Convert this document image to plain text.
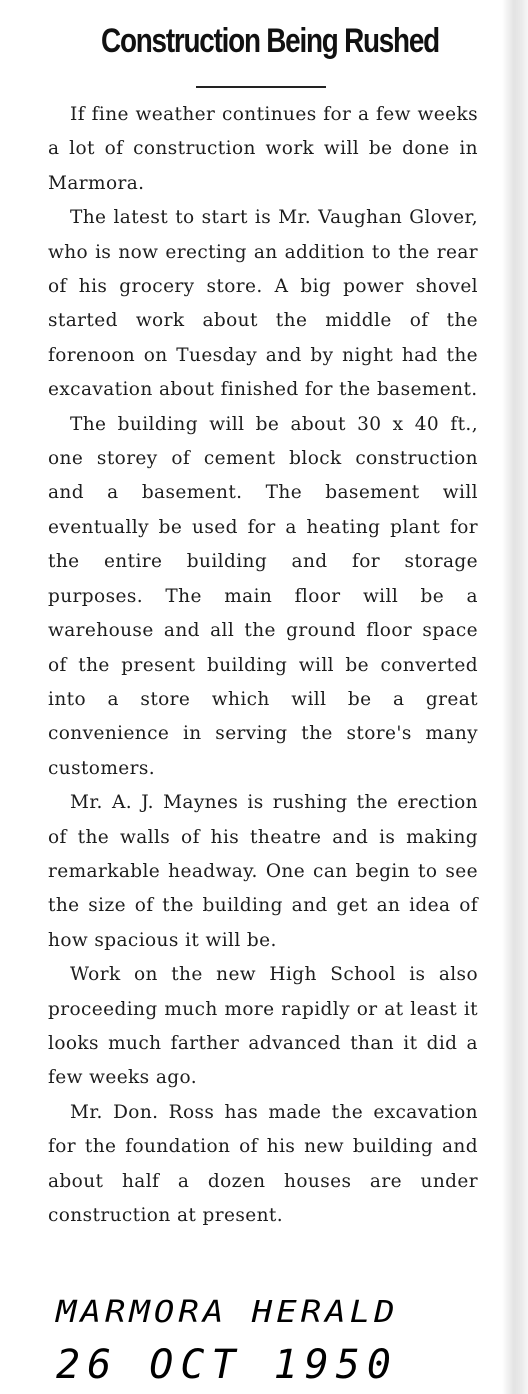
Construction Being Rushed

If fine weather continues for a few weeks a lot of construction work will be done in Marmora.

The latest to start is Mr. Vaughan Glover, who is now erecting an addition to the rear of his grocery store. A big power shovel started work about the middle of the forenoon on Tuesday and by night had the excavation about finished for the basement.

The building will be about 30 x 40 ft., one storey of cement block construction and a basement. The basement will eventually be used for a heating plant for the entire building and for storage purposes. The main floor will be a warehouse and all the ground floor space of the present building will be converted into a store which will be a great convenience in serving the store's many customers.

Mr. A. J. Maynes is rushing the erection of the walls of his theatre and is making remarkable headway. One can begin to see the size of the building and get an idea of how spacious it will be.

Work on the new High School is also proceeding much more rapidly or at least it looks much farther advanced than it did a few weeks ago.

Mr. Don. Ross has made the excavation for the foundation of his new building and about half a dozen houses are under construction at present.

MARMORA HERALD
26 OCT 1950
